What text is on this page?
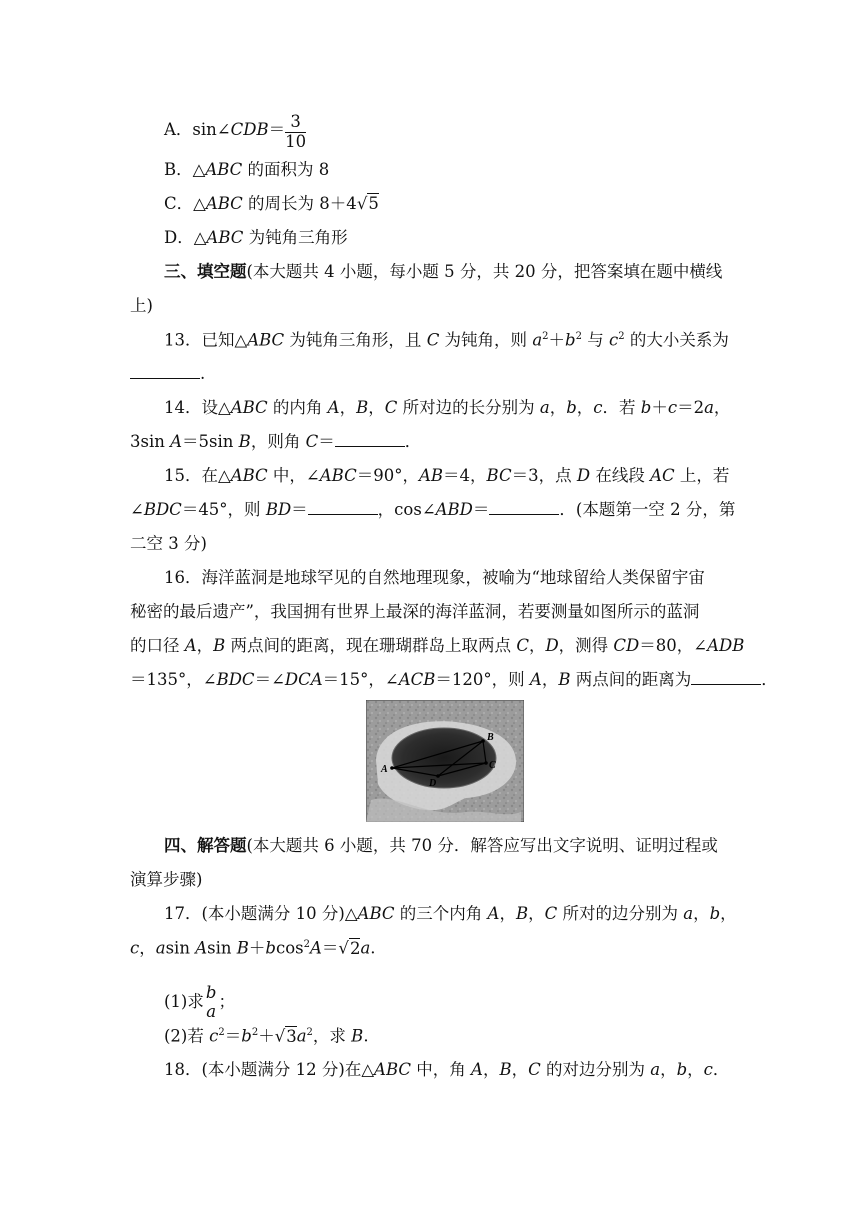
A．sin∠CDB＝ $\frac{3}{10}$
B．△ABC 的面积为 8
C．△ABC 的周长为 8＋4√5
D．△ABC 为钝角三角形
三、填空题(本大题共 4 小题，每小题 5 分，共 20 分，把答案填在题中横线
上)
13．已知△ABC 为钝角三角形，且 C 为钝角，则 $a^2+b^2$ 与 $c^2$ 的大小关系为
.
14．设△ABC 的内角 A，B，C 所对边的长分别为 a，b，c．若 b＋c＝2a，
3sin A＝5sin B，则角 C＝	．
15．在△ABC 中，∠ABC＝90°，AB＝4，BC＝3，点 D 在线段 AC 上，若
∠BDC＝45°，则 BD＝	，cos∠ABD＝	．(本题第一空 2 分，第
二空 3 分)
16．海洋蓝洞是地球罕见的自然地理现象，被喻为“地球留给人类保留宇宙
秘密的最后遗产”，我国拥有世界上最深的海洋蓝洞，若要测量如图所示的蓝洞
的口径 A，B 两点间的距离，现在珊瑚群岛上取两点 C，D，测得 CD＝80，∠ADB
＝135°，∠BDC＝∠DCA＝15°，∠ACB＝120°，则 A，B 两点间的距离为	．
A
B
C
D
四、解答题(本大题共 6 小题，共 70 分．解答应写出文字说明、证明过程或
演算步骤)
17．(本小题满分 10 分)△ABC 的三个内角 A，B，C 所对的边分别为 a，b，
c，asin Asin B＋bcos$^2$A＝√2a.
(1)求 b
a
；
(2)若 $c^2=b^2+√3a^2$，求 B.
18．(本小题满分 12 分)在△ABC 中，角 A，B，C 的对边分别为 a，b，c．
